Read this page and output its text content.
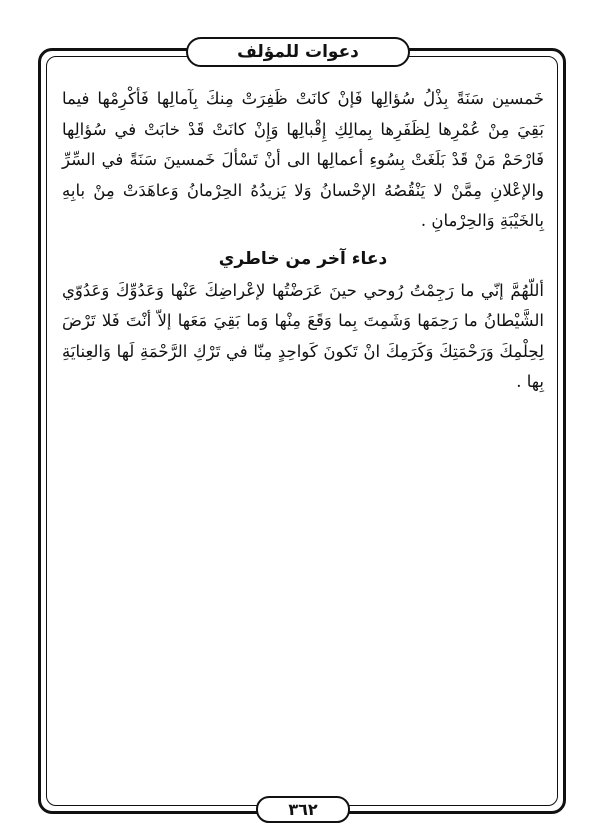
دعوات للمؤلف

خَمسين سَنَةً بِذْلُ سُؤالِها فَإنْ كانَتْ ظَفِرَتْ مِنكَ بِآمالِها فَأكْرِمْها فيما بَقِيَ مِنْ عُمْرِها لِظَفَرِها بِمالِكِ إِقْبالِها وَإِنْ كانَتْ قَدْ خابَتْ في سُؤالِها فَارْحَمْ مَنْ قَدْ بَلَغَتْ بِسُوءِ أعمالِها الى أنْ تَسْألَ خَمسينَ سَنَةً في السِّرِّ والإعْلانِ مِمَّنْ لا يَنْقُصُهُ الإحْسانُ وَلا يَزيدُهُ الحِرْمانُ وَعاهَدَتْ مِنْ بابِهِ بِالخَيْبَةِ وَالحِرْمانِ .

دعاء آخر من خاطري

أللّهُمَّ إنّي ما رَجِمْتُ رُوحي حينَ عَرَضْتُها لإعْراضِكَ عَنْها وَعَدُوِّكَ وَعَدُوّي الشَّيْطانُ ما رَحِمَها وَشَمِتَ بِما وَقَعَ مِنْها وَما بَقِيَ مَعَها إلاّ أنْتَ فَلا تَرْضَ لِحِلْمِكَ وَرَحْمَتِكَ وَكَرَمِكَ انْ تَكونَ كَواحِدٍ مِنّا في تَرْكِ الرَّحْمَةِ لَها وَالعِنايَةِ بِها .

٣٦٢
